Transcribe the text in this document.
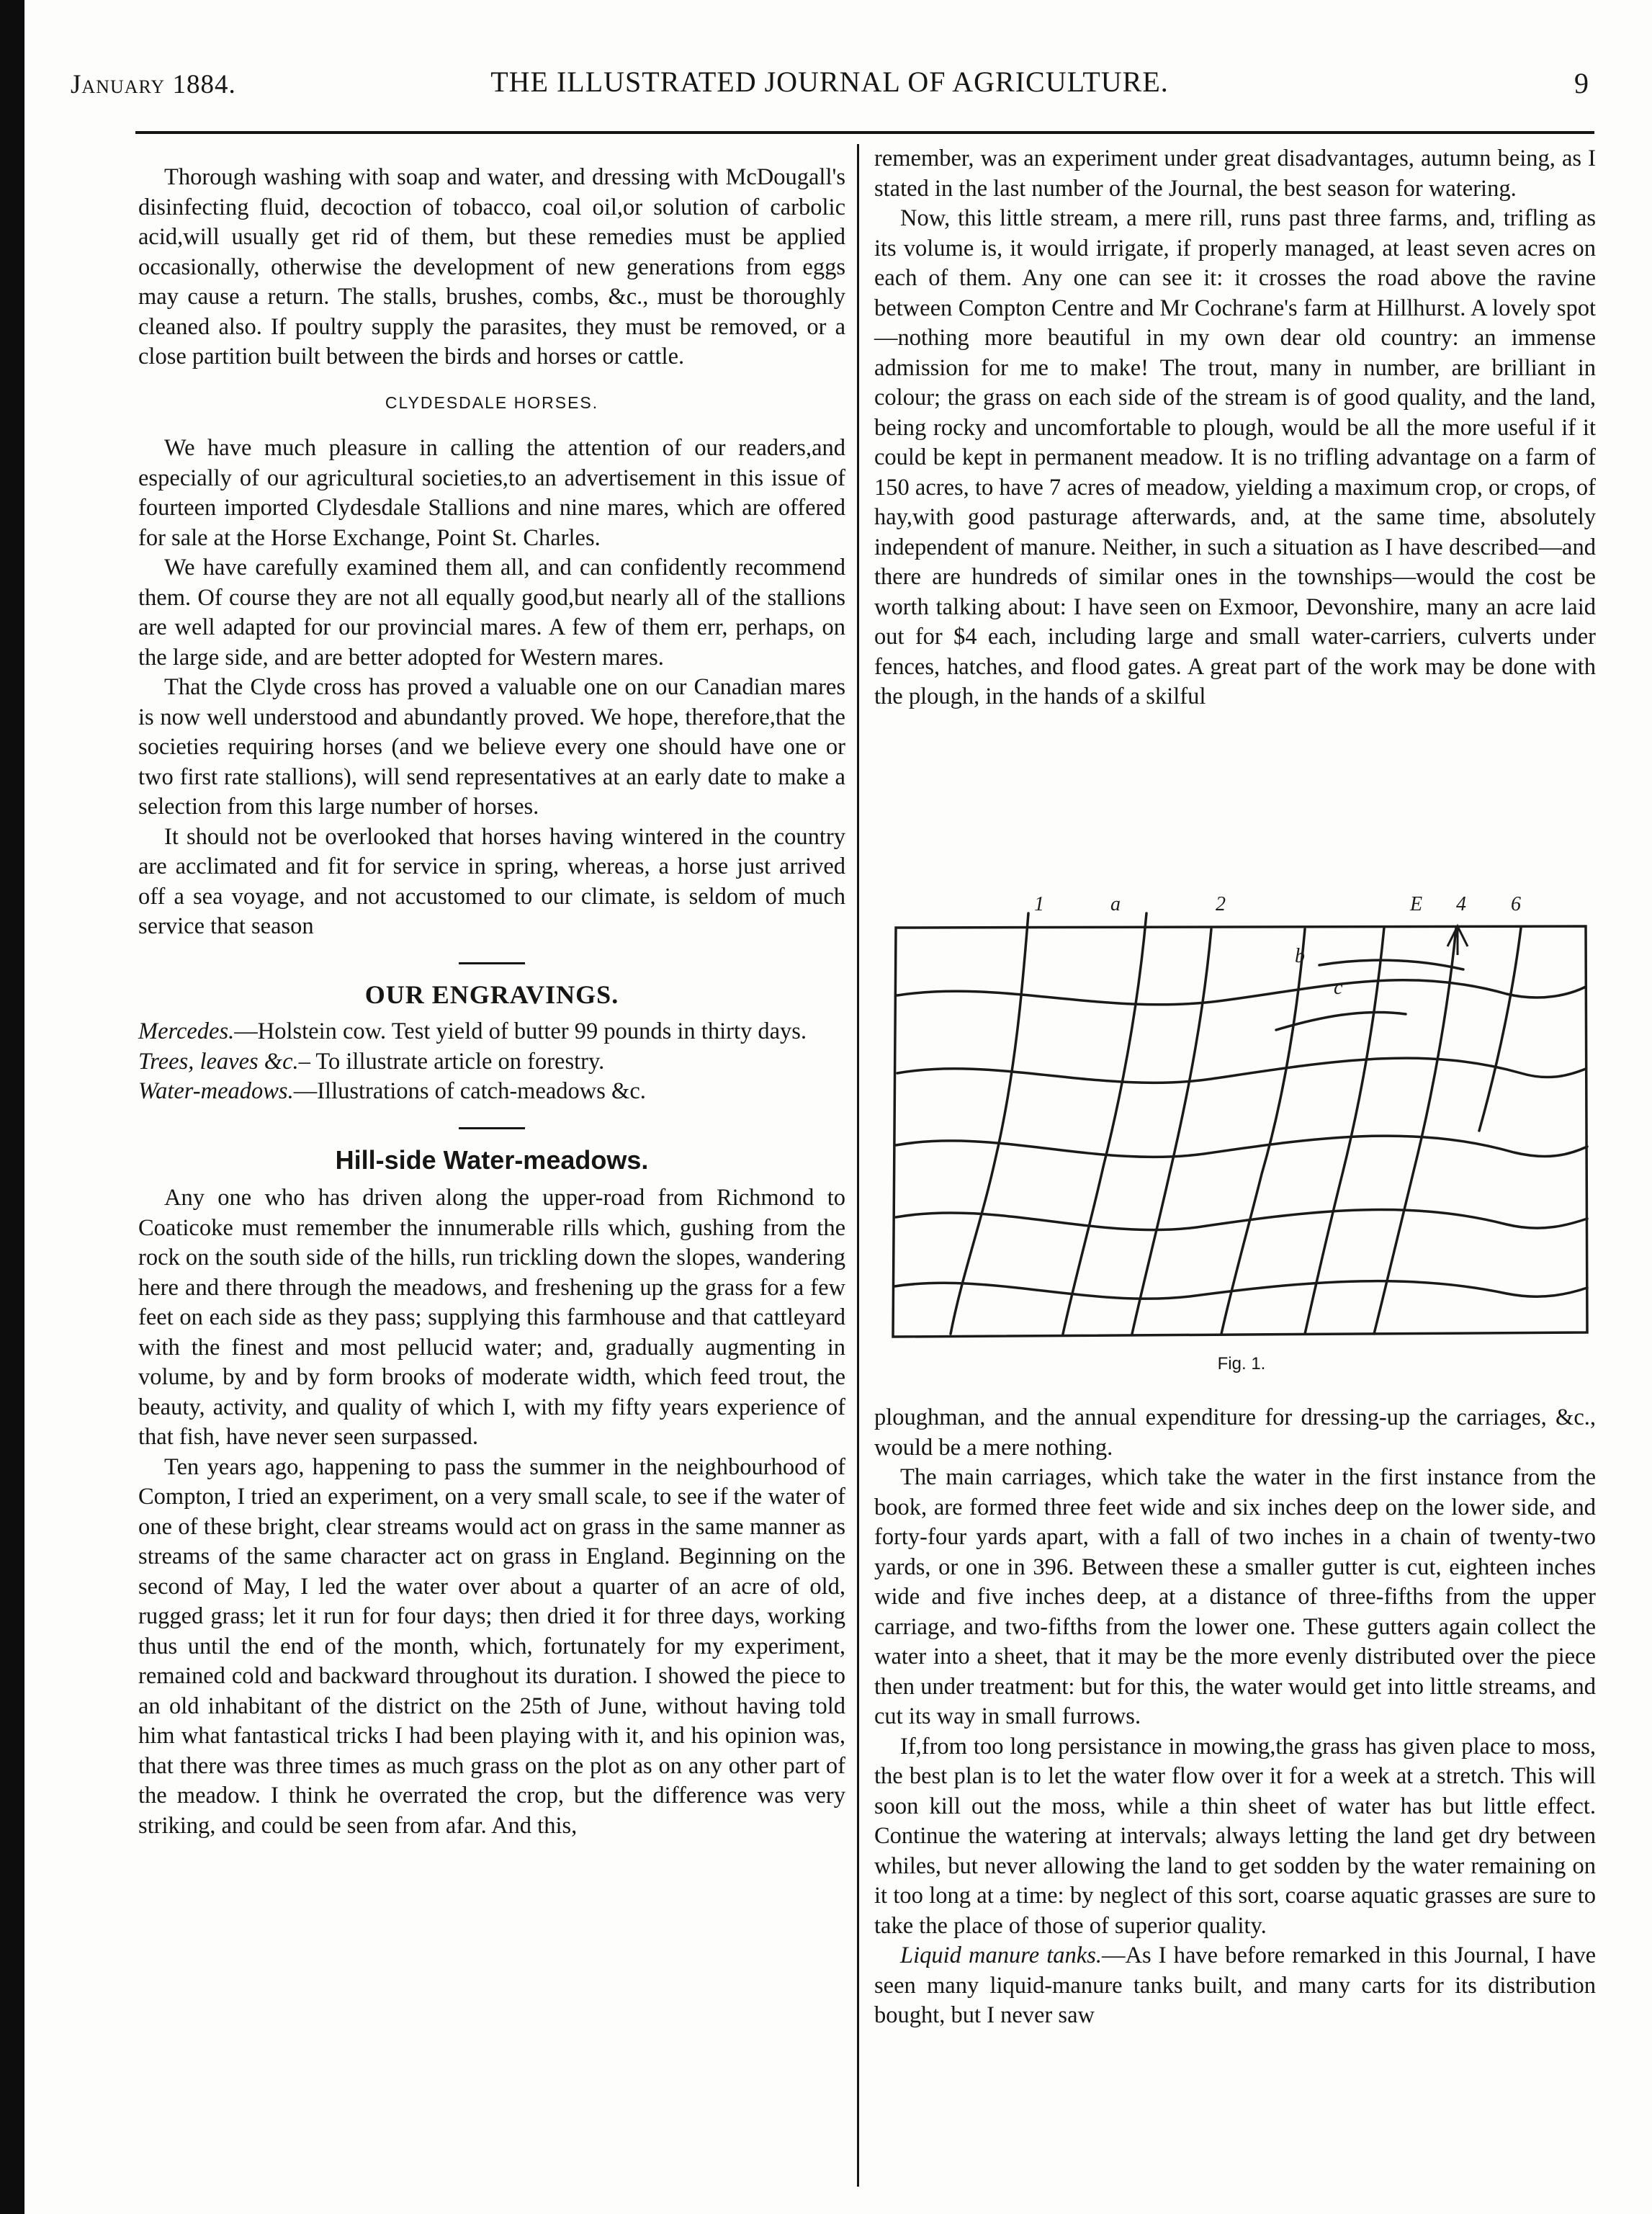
January 1884.	THE ILLUSTRATED JOURNAL OF AGRICULTURE.	9

Thorough washing with soap and water, and dressing with McDougall's disinfecting fluid, decoction of tobacco, coal oil,or solution of carbolic acid,will usually get rid of them, but these remedies must be applied occasionally, otherwise the development of new generations from eggs may cause a return. The stalls, brushes, combs, &c., must be thoroughly cleaned also. If poultry supply the parasites, they must be removed, or a close partition built between the birds and horses or cattle.

CLYDESDALE HORSES.

We have much pleasure in calling the attention of our readers,and especially of our agricultural societies,to an advertisement in this issue of fourteen imported Clydesdale Stallions and nine mares, which are offered for sale at the Horse Exchange, Point St. Charles.

We have carefully examined them all, and can confidently recommend them. Of course they are not all equally good,but nearly all of the stallions are well adapted for our provincial mares. A few of them err, perhaps, on the large side, and are better adopted for Western mares.

That the Clyde cross has proved a valuable one on our Canadian mares is now well understood and abundantly proved. We hope, therefore,that the societies requiring horses (and we believe every one should have one or two first rate stallions), will send representatives at an early date to make a selection from this large number of horses.

It should not be overlooked that horses having wintered in the country are acclimated and fit for service in spring, whereas, a horse just arrived off a sea voyage, and not accustomed to our climate, is seldom of much service that season

OUR ENGRAVINGS.

Mercedes.—Holstein cow. Test yield of butter 99 pounds in thirty days.

Trees, leaves &c.– To illustrate article on forestry.

Water-meadows.—Illustrations of catch-meadows &c.

Hill-side Water-meadows.

Any one who has driven along the upper-road from Richmond to Coaticoke must remember the innumerable rills which, gushing from the rock on the south side of the hills, run trickling down the slopes, wandering here and there through the meadows, and freshening up the grass for a few feet on each side as they pass; supplying this farmhouse and that cattleyard with the finest and most pellucid water; and, gradually augmenting in volume, by and by form brooks of moderate width, which feed trout, the beauty, activity, and quality of which I, with my fifty years experience of that fish, have never seen surpassed.

Ten years ago, happening to pass the summer in the neighbourhood of Compton, I tried an experiment, on a very small scale, to see if the water of one of these bright, clear streams would act on grass in the same manner as streams of the same character act on grass in England. Beginning on the second of May, I led the water over about a quarter of an acre of old, rugged grass; let it run for four days; then dried it for three days, working thus until the end of the month, which, fortunately for my experiment, remained cold and backward throughout its duration. I showed the piece to an old inhabitant of the district on the 25th of June, without having told him what fantastical tricks I had been playing with it, and his opinion was, that there was three times as much grass on the plot as on any other part of the meadow. I think he overrated the crop, but the difference was very striking, and could be seen from afar. And this,

remember, was an experiment under great disadvantages, autumn being, as I stated in the last number of the Journal, the best season for watering.

Now, this little stream, a mere rill, runs past three farms, and, trifling as its volume is, it would irrigate, if properly managed, at least seven acres on each of them. Any one can see it: it crosses the road above the ravine between Compton Centre and Mr Cochrane's farm at Hillhurst. A lovely spot—nothing more beautiful in my own dear old country: an immense admission for me to make! The trout, many in number, are brilliant in colour; the grass on each side of the stream is of good quality, and the land, being rocky and uncomfortable to plough, would be all the more useful if it could be kept in permanent meadow. It is no trifling advantage on a farm of 150 acres, to have 7 acres of meadow, yielding a maximum crop, or crops, of hay,with good pasturage afterwards, and, at the same time, absolutely independent of manure. Neither, in such a situation as I have described—and there are hundreds of similar ones in the townships—would the cost be worth talking about: I have seen on Exmoor, Devonshire, many an acre laid out for $4 each, including large and small water-carriers, culverts under fences, hatches, and flood gates. A great part of the work may be done with the plough, in the hands of a skilful

1	a	2	E 4 6
b
c
Fig. 1.

ploughman, and the annual expenditure for dressing-up the carriages, &c., would be a mere nothing.

The main carriages, which take the water in the first instance from the book, are formed three feet wide and six inches deep on the lower side, and forty-four yards apart, with a fall of two inches in a chain of twenty-two yards, or one in 396. Between these a smaller gutter is cut, eighteen inches wide and five inches deep, at a distance of three-fifths from the upper carriage, and two-fifths from the lower one. These gutters again collect the water into a sheet, that it may be the more evenly distributed over the piece then under treatment: but for this, the water would get into little streams, and cut its way in small furrows.

If,from too long persistance in mowing,the grass has given place to moss, the best plan is to let the water flow over it for a week at a stretch. This will soon kill out the moss, while a thin sheet of water has but little effect. Continue the watering at intervals; always letting the land get dry between whiles, but never allowing the land to get sodden by the water remaining on it too long at a time: by neglect of this sort, coarse aquatic grasses are sure to take the place of those of superior quality.

Liquid manure tanks.—As I have before remarked in this Journal, I have seen many liquid-manure tanks built, and many carts for its distribution bought, but I never saw
